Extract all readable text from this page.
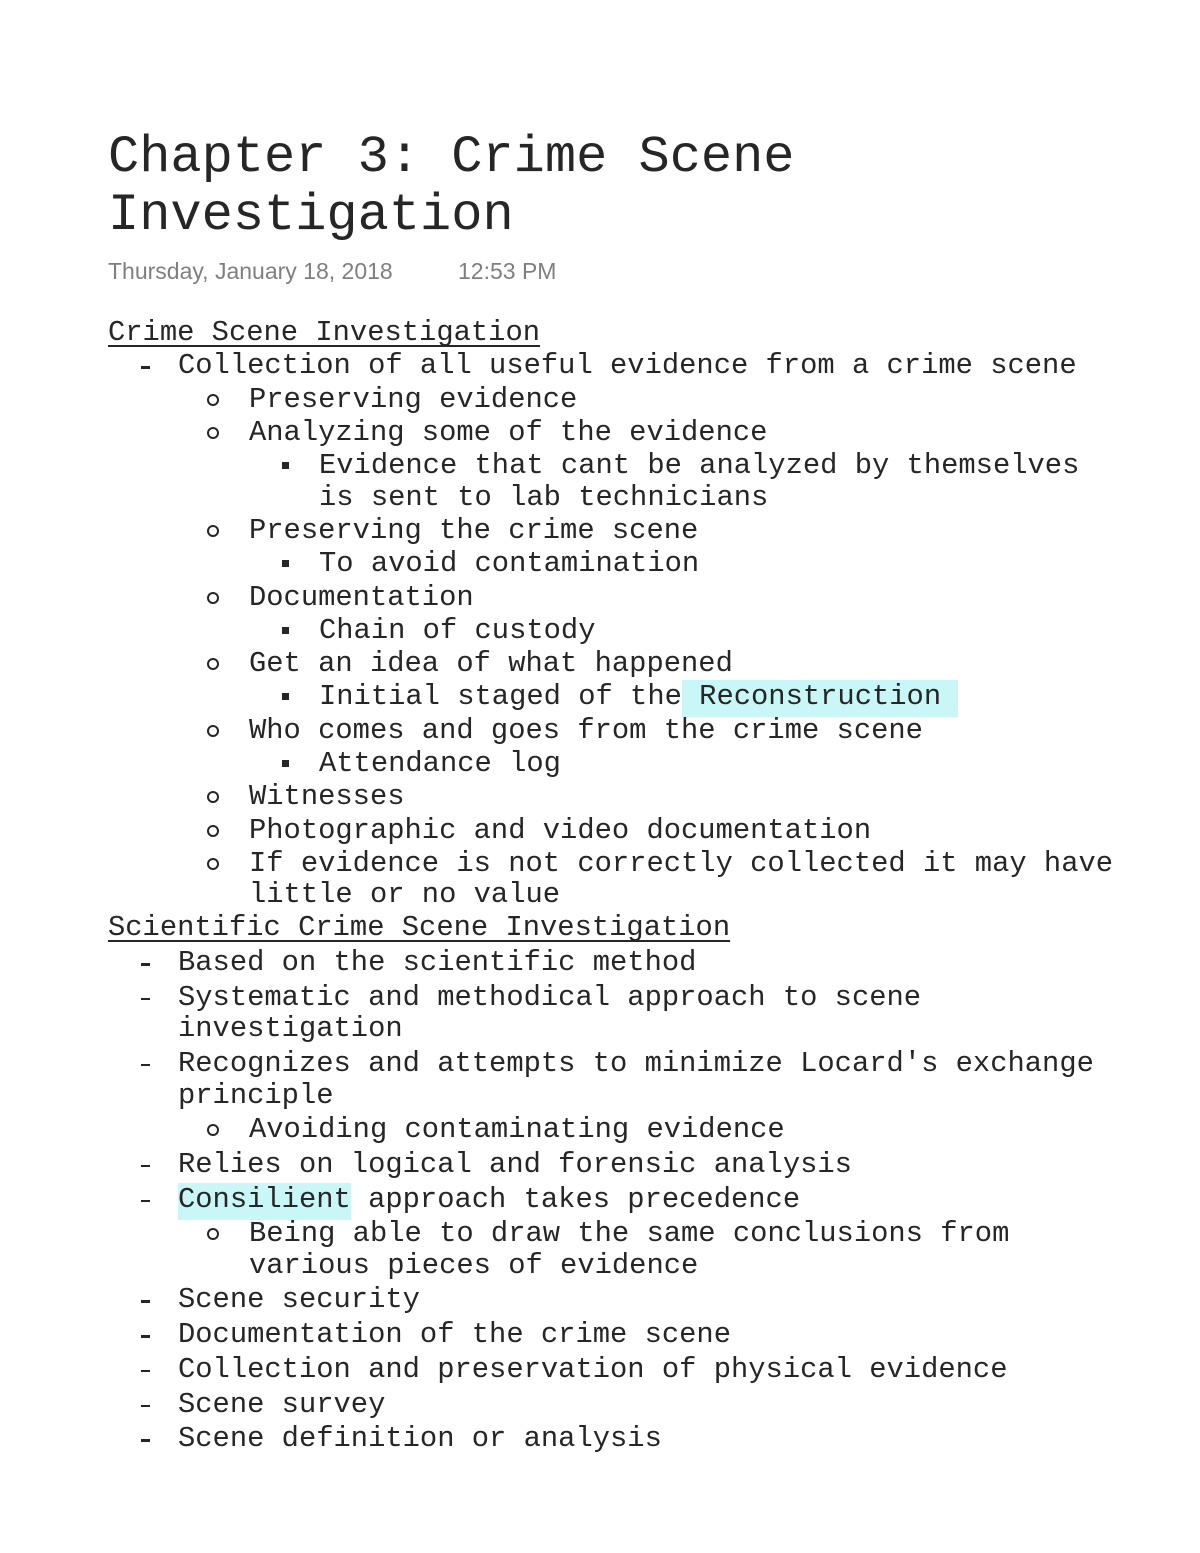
Chapter 3: Crime Scene Investigation
Thursday, January 18, 2018	12:53 PM
Crime Scene Investigation
Collection of all useful evidence from a crime scene
Preserving evidence
Analyzing some of the evidence
Evidence that cant be analyzed by themselves is sent to lab technicians
Preserving the crime scene
To avoid contamination
Documentation
Chain of custody
Get an idea of what happened
Initial staged of the Reconstruction
Who comes and goes from the crime scene
Attendance log
Witnesses
Photographic and video documentation
If evidence is not correctly collected it may have little or no value
Scientific Crime Scene Investigation
Based on the scientific method
Systematic and methodical approach to scene investigation
Recognizes and attempts to minimize Locard's exchange principle
Avoiding contaminating evidence
Relies on logical and forensic analysis
Consilient approach takes precedence
Being able to draw the same conclusions from various pieces of evidence
Scene security
Documentation of the crime scene
Collection and preservation of physical evidence
Scene survey
Scene definition or analysis
